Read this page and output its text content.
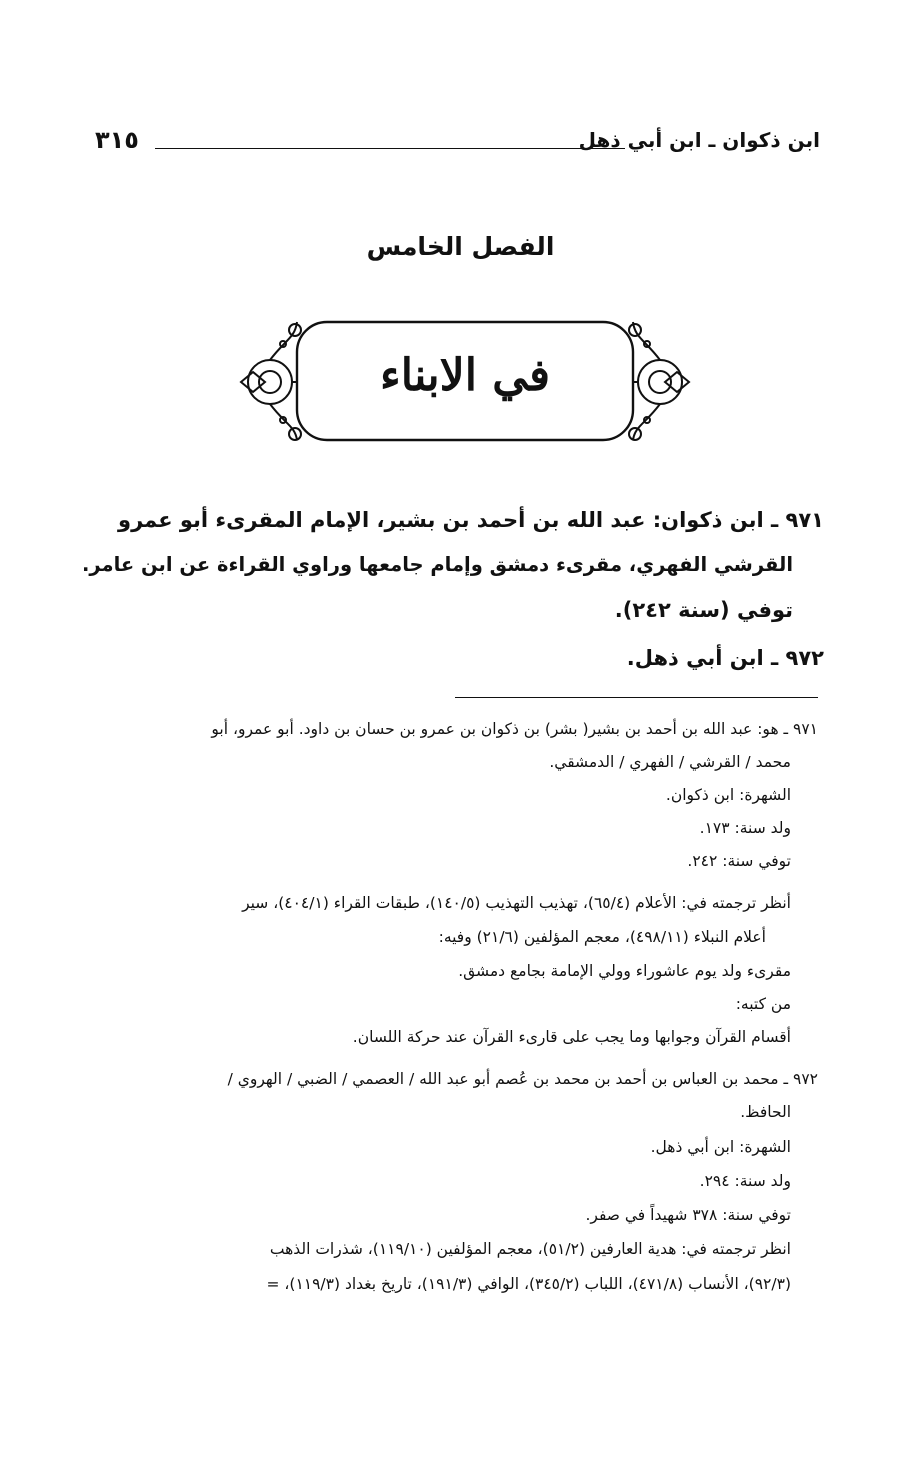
ابن ذكوان ـ ابن أبي ذهل
٣١٥
الفصل الخامس
في الابناء
٩٧١ ـ ابن ذكوان: عبد الله بن أحمد بن بشير، الإمام المقرىء أبو عمرو
القرشي الفهري، مقرىء دمشق وإمام جامعها وراوي القراءة عن ابن عامر.
توفي (سنة ٢٤٢).
٩٧٢ ـ ابن أبي ذهل.
٩٧١ ـ هو: عبد الله بن أحمد بن بشير( بشر) بن ذكوان بن عمرو بن حسان بن داود. أبو عمرو، أبو
محمد / القرشي / الفهري / الدمشقي.
الشهرة: ابن ذكوان.
ولد سنة: ١٧٣.
توفي سنة: ٢٤٢.
أنظر ترجمته في: الأعلام (٦٥/٤)، تهذيب التهذيب (١٤٠/٥)، طبقات القراء (٤٠٤/١)، سير
أعلام النبلاء (٤٩٨/١١)، معجم المؤلفين (٢١/٦) وفيه:
مقرىء ولد يوم عاشوراء وولي الإمامة بجامع دمشق.
من كتبه:
أقسام القرآن وجوابها وما يجب على قارىء القرآن عند حركة اللسان.
٩٧٢ ـ محمد بن العباس بن أحمد بن محمد بن عُصم أبو عبد الله / العصمي / الضبي / الهروي /
الحافظ.
الشهرة: ابن أبي ذهل.
ولد سنة: ٢٩٤.
توفي سنة: ٣٧٨ شهيداً في صفر.
انظر ترجمته في: هدية العارفين (٥١/٢)، معجم المؤلفين (١١٩/١٠)، شذرات الذهب
(٩٢/٣)، الأنساب (٤٧١/٨)، اللباب (٣٤٥/٢)، الوافي (١٩١/٣)، تاريخ بغداد (١١٩/٣)، =
